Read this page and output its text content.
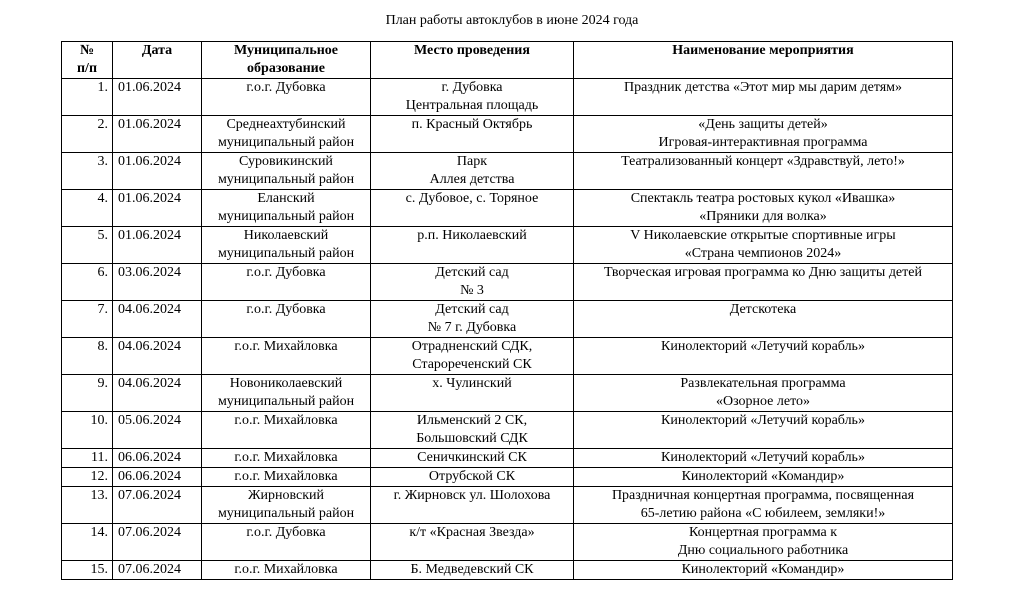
План работы автоклубов в июне 2024 года
№
п/п	Дата	Муниципальное
образование	Место проведения	Наименование мероприятия

1.	01.06.2024	г.о.г. Дубовка	г. Дубовка
Центральная площадь	Праздник детства «Этот мир мы дарим детям»

2.	01.06.2024	Среднеахтубинский
муниципальный район	п. Красный Октябрь	«День защиты детей»
Игровая-интерактивная программа

3.	01.06.2024	Суровикинский
муниципальный район	Парк
Аллея детства	Театрализованный концерт «Здравствуй, лето!»

4.	01.06.2024	Еланский
муниципальный район	с. Дубовое, с. Торяное	Спектакль театра ростовых кукол «Ивашка»
«Пряники для волка»

5.	01.06.2024	Николаевский
муниципальный район	р.п. Николаевский	V Николаевские открытые спортивные игры
«Страна чемпионов 2024»

6.	03.06.2024	г.о.г. Дубовка	Детский сад
№ 3	Творческая игровая программа ко Дню защиты детей

7.	04.06.2024	г.о.г. Дубовка	Детский сад
№ 7 г. Дубовка	Детскотека

8.	04.06.2024	г.о.г. Михайловка	Отрадненский СДК,
Старореченский СК	Кинолекторий «Летучий корабль»

9.	04.06.2024	Новониколаевский
муниципальный район	х. Чулинский	Развлекательная программа
«Озорное лето»

10.	05.06.2024	г.о.г. Михайловка	Ильменский 2 СК,
Большовский СДК	Кинолекторий «Летучий корабль»

11.	06.06.2024	г.о.г. Михайловка	Сеничкинский СК	Кинолекторий «Летучий корабль»

12.	06.06.2024	г.о.г. Михайловка	Отрубской СК	Кинолекторий «Командир»

13.	07.06.2024	Жирновский
муниципальный район	г. Жирновск ул. Шолохова	Праздничная концертная программа, посвященная
65-летию района «С юбилеем, земляки!»

14.	07.06.2024	г.о.г. Дубовка	к/т «Красная Звезда»	Концертная программа к
Дню социального работника

15.	07.06.2024	г.о.г. Михайловка	Б. Медведевский СК	Кинолекторий «Командир»
